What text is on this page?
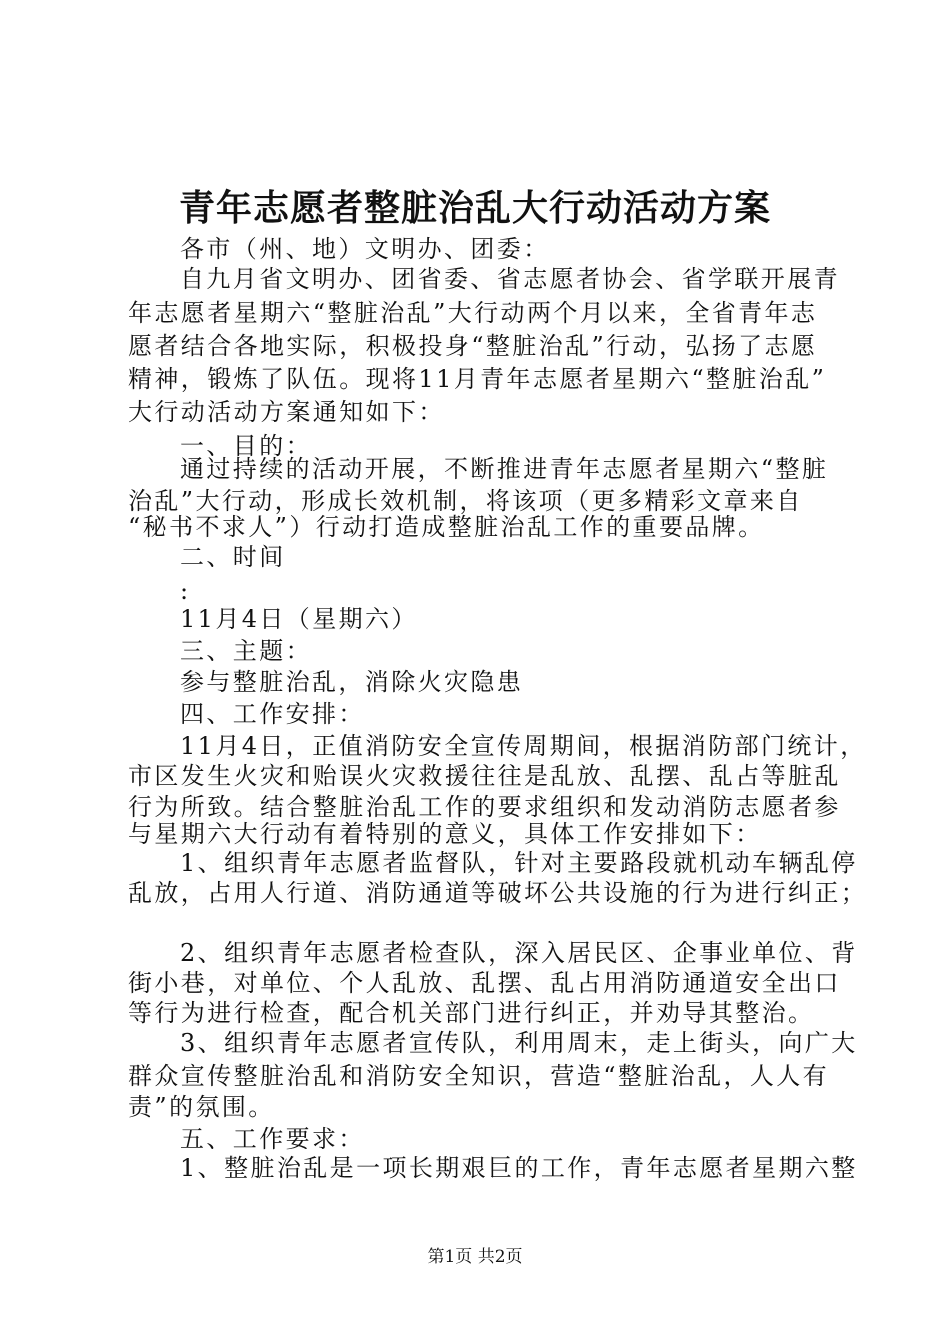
青年志愿者整脏治乱大行动活动方案
各市（州、地）文明办、团委：
自九月省文明办、团省委、省志愿者协会、省学联开展青
年志愿者星期六“整脏治乱”大行动两个月以来，全省青年志
愿者结合各地实际，积极投身“整脏治乱”行动，弘扬了志愿
精神，锻炼了队伍。现将11月青年志愿者星期六“整脏治乱”
大行动活动方案通知如下：
一、目的：
通过持续的活动开展，不断推进青年志愿者星期六“整脏
治乱”大行动，形成长效机制，将该项（更多精彩文章来自
“秘书不求人”）行动打造成整脏治乱工作的重要品牌。
二、时间
:
11月4日（星期六）
三、主题：
参与整脏治乱，消除火灾隐患
四、工作安排：
11月4日，正值消防安全宣传周期间，根据消防部门统计，
市区发生火灾和贻误火灾救援往往是乱放、乱摆、乱占等脏乱
行为所致。结合整脏治乱工作的要求组织和发动消防志愿者参
与星期六大行动有着特别的意义，具体工作安排如下：
1、组织青年志愿者监督队，针对主要路段就机动车辆乱停
乱放，占用人行道、消防通道等破坏公共设施的行为进行纠正；
2、组织青年志愿者检查队，深入居民区、企事业单位、背
街小巷，对单位、个人乱放、乱摆、乱占用消防通道安全出口
等行为进行检查，配合机关部门进行纠正，并劝导其整治。
3、组织青年志愿者宣传队，利用周末，走上街头，向广大
群众宣传整脏治乱和消防安全知识，营造“整脏治乱，人人有
责”的氛围。
五、工作要求：
1、整脏治乱是一项长期艰巨的工作，青年志愿者星期六整
第1页 共2页
